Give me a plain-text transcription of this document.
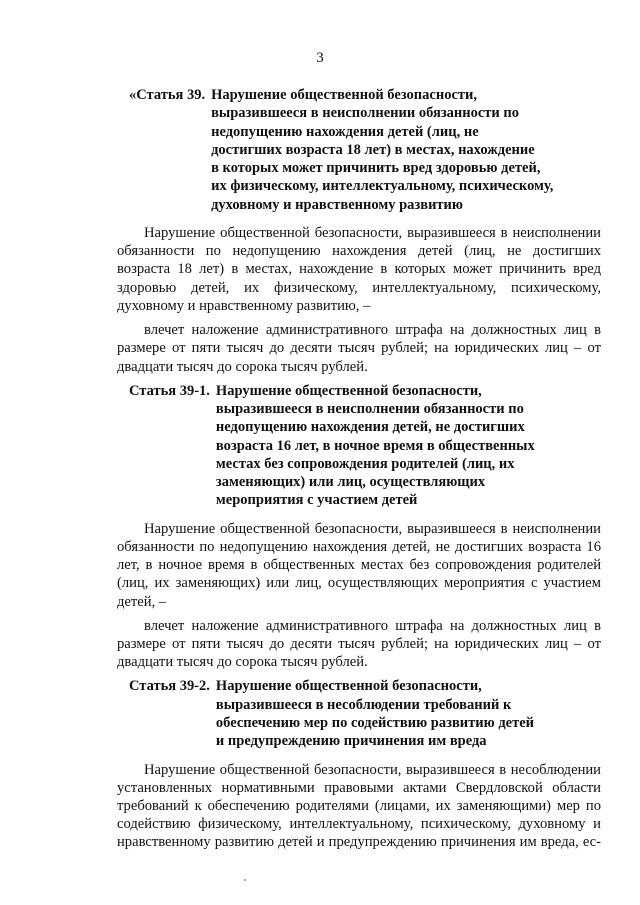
3
«Статья 39. Нарушение общественной безопасности,
выразившееся в неисполнении обязанности по
недопущению нахождения детей (лиц, не
достигших возраста 18 лет) в местах, нахождение
в которых может причинить вред здоровью детей,
их физическому, интеллектуальному, психическому,
духовному и нравственному развитию
Нарушение общественной безопасности, выразившееся в неисполнении обязанности по недопущению нахождения детей (лиц, не достигших возраста 18 лет) в местах, нахождение в которых может причинить вред здоровью детей, их физическому, интеллектуальному, психическому, духовному и нравственному развитию, –
влечет наложение административного штрафа на должностных лиц в размере от пяти тысяч до десяти тысяч рублей; на юридических лиц – от двадцати тысяч до сорока тысяч рублей.
Статья 39-1. Нарушение общественной безопасности,
выразившееся в неисполнении обязанности по
недопущению нахождения детей, не достигших
возраста 16 лет, в ночное время в общественных
местах без сопровождения родителей (лиц, их
заменяющих) или лиц, осуществляющих
мероприятия с участием детей
Нарушение общественной безопасности, выразившееся в неисполнении обязанности по недопущению нахождения детей, не достигших возраста 16 лет, в ночное время в общественных местах без сопровождения родителей (лиц, их заменяющих) или лиц, осуществляющих мероприятия с участием детей, –
влечет наложение административного штрафа на должностных лиц в размере от пяти тысяч до десяти тысяч рублей; на юридических лиц – от двадцати тысяч до сорока тысяч рублей.
Статья 39-2. Нарушение общественной безопасности,
выразившееся в несоблюдении требований к
обеспечению мер по содействию развитию детей
и предупреждению причинения им вреда
Нарушение общественной безопасности, выразившееся в несоблюдении установленных нормативными правовыми актами Свердловской области требований к обеспечению родителями (лицами, их заменяющими) мер по содействию физическому, интеллектуальному, психическому, духовному и нравственному развитию детей и предупреждению причинения им вреда, ес-
